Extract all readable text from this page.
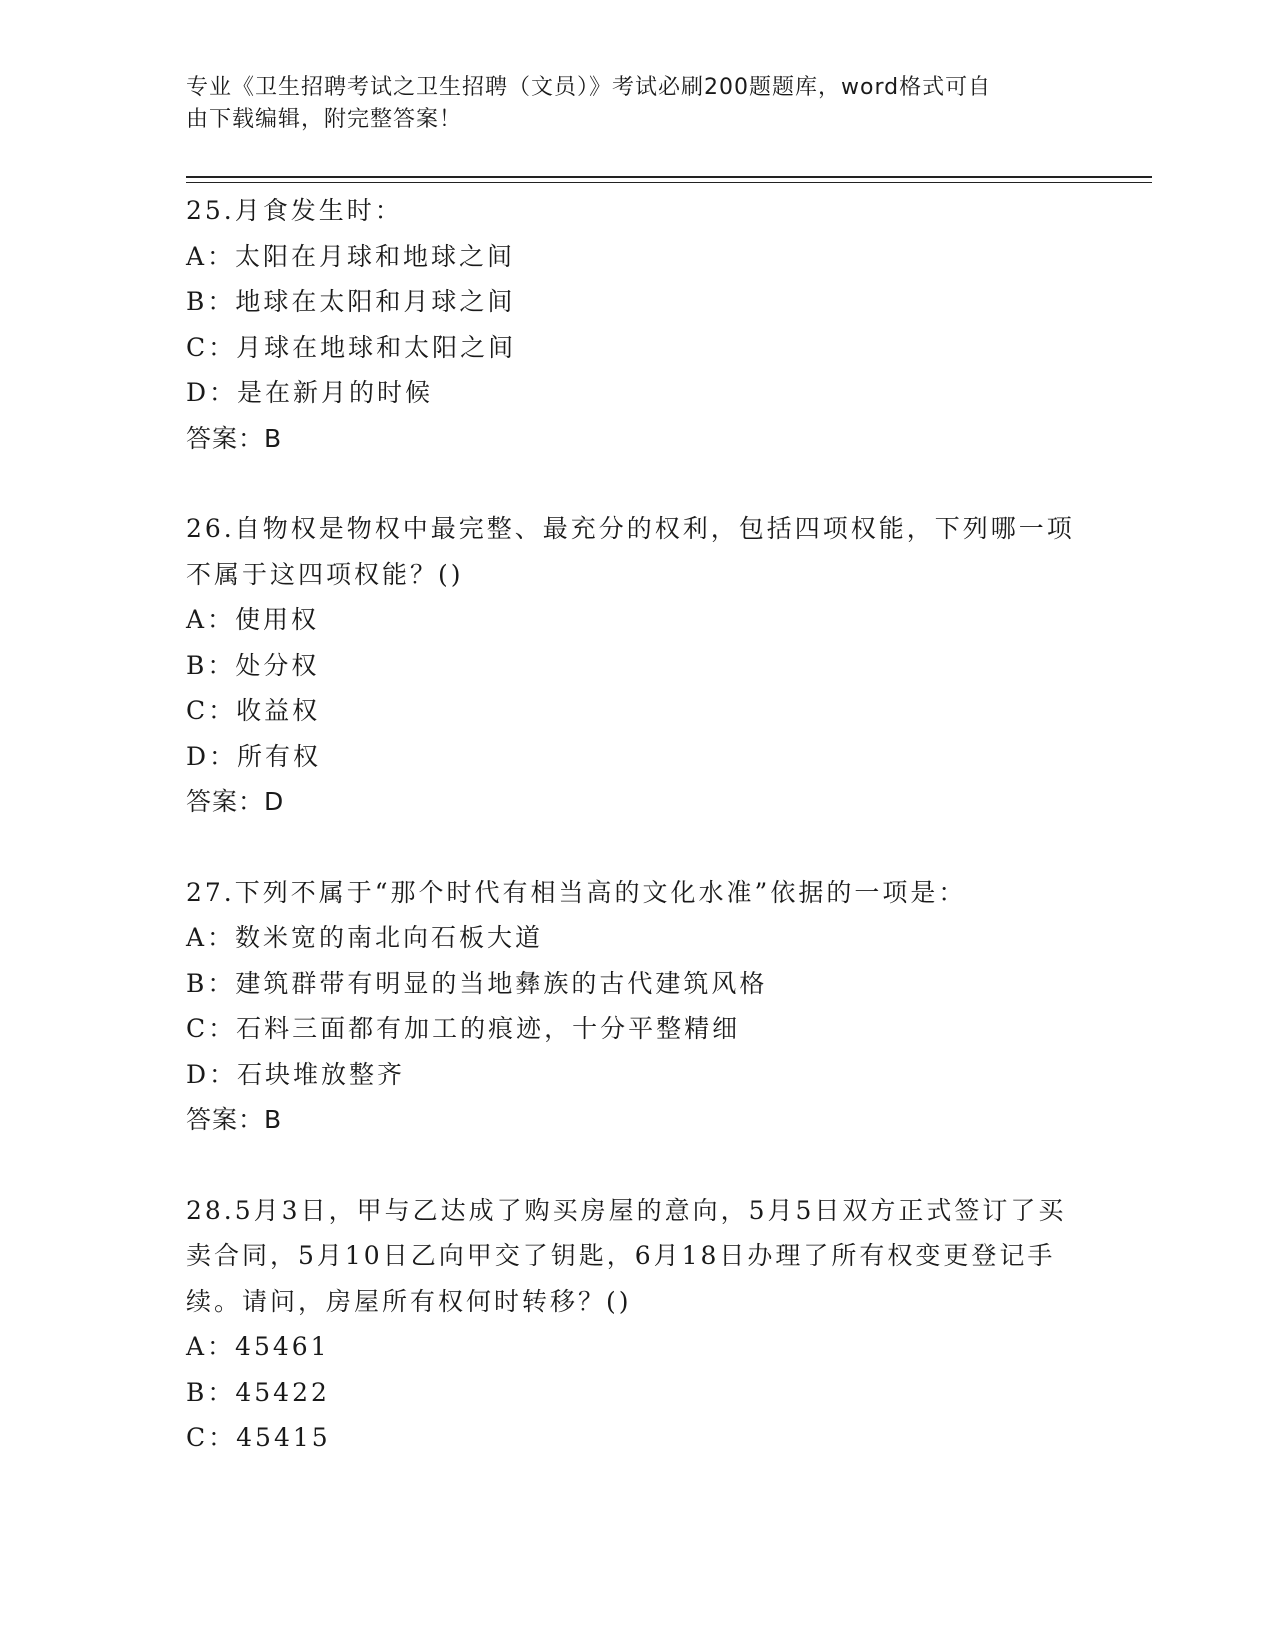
专业《卫生招聘考试之卫生招聘（文员）》考试必刷200题题库，word格式可自
由下载编辑，附完整答案！
25.月食发生时：
A：太阳在月球和地球之间
B：地球在太阳和月球之间
C：月球在地球和太阳之间
D：是在新月的时候
答案：B
26.自物权是物权中最完整、最充分的权利，包括四项权能，下列哪一项不属于这四项权能？()
A：使用权
B：处分权
C：收益权
D：所有权
答案：D
27.下列不属于“那个时代有相当高的文化水准”依据的一项是：
A：数米宽的南北向石板大道
B：建筑群带有明显的当地彝族的古代建筑风格
C：石料三面都有加工的痕迹，十分平整精细
D：石块堆放整齐
答案：B
28.5月3日，甲与乙达成了购买房屋的意向，5月5日双方正式签订了买卖合同，5月10日乙向甲交了钥匙，6月18日办理了所有权变更登记手续。请问，房屋所有权何时转移？()
A：45461
B：45422
C：45415
